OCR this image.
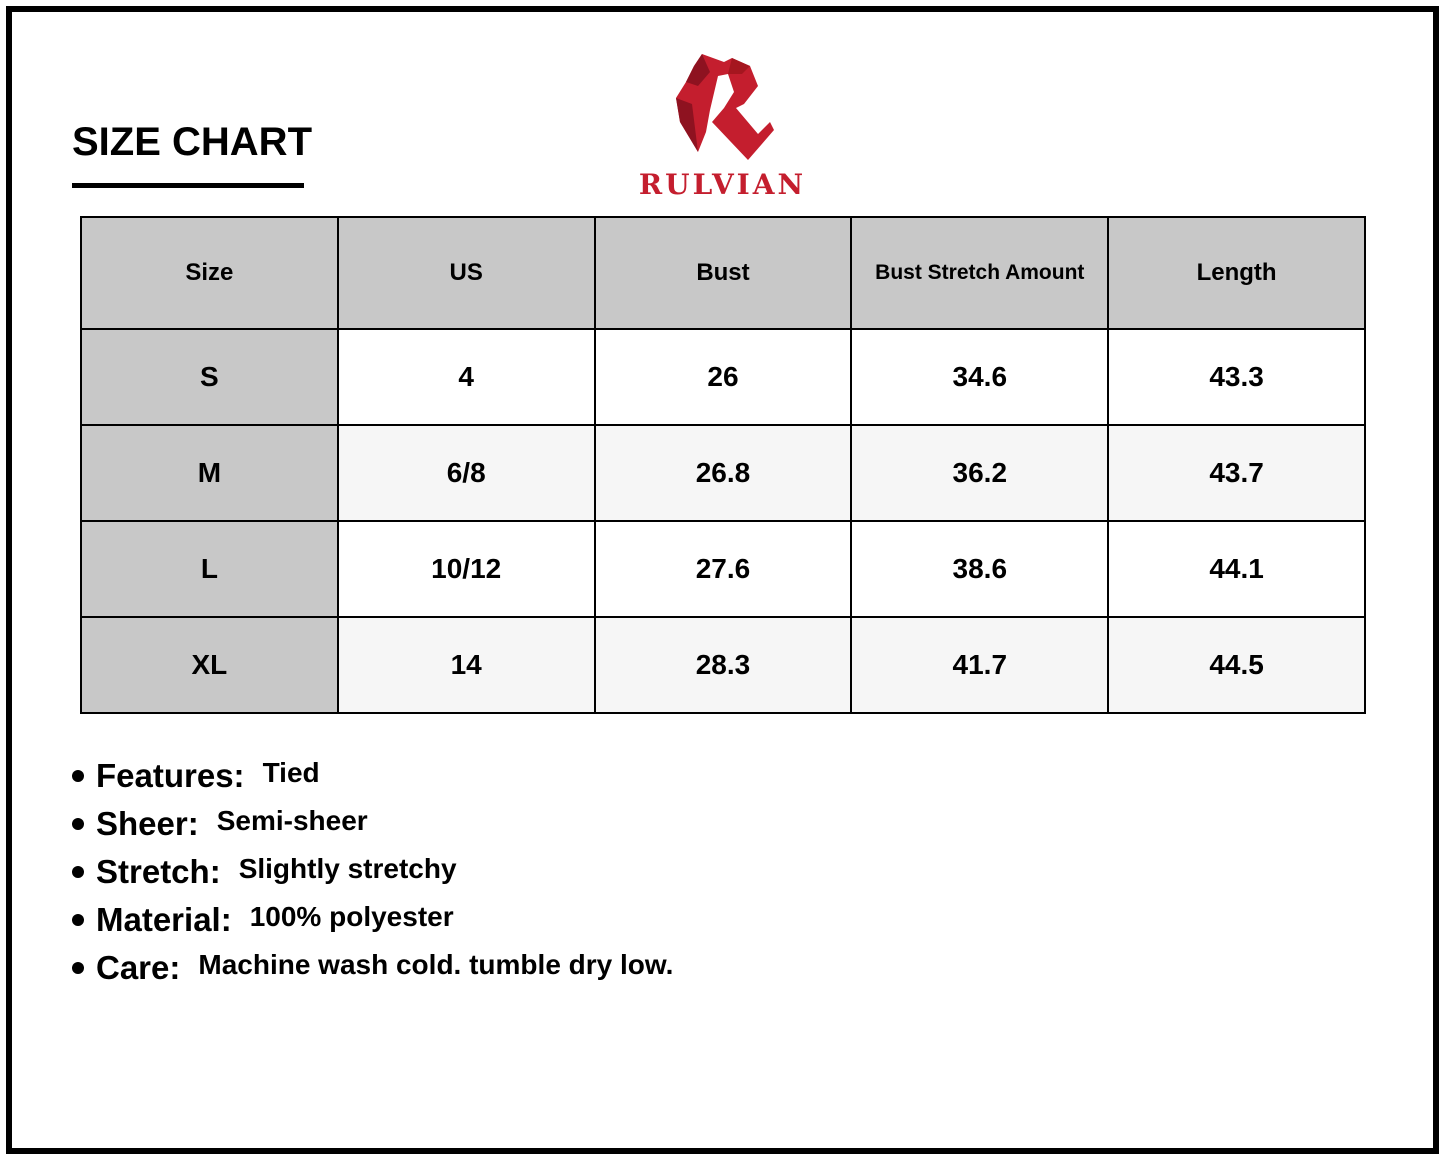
SIZE CHART
RULVIAN
Size	US	Bust	Bust Stretch Amount	Length
S	4	26	34.6	43.3
M	6/8	26.8	36.2	43.7
L	10/12	27.6	38.6	44.1
XL	14	28.3	41.7	44.5
Features: Tied
Sheer: Semi-sheer
Stretch: Slightly stretchy
Material: 100% polyester
Care: Machine wash cold. tumble dry low.
